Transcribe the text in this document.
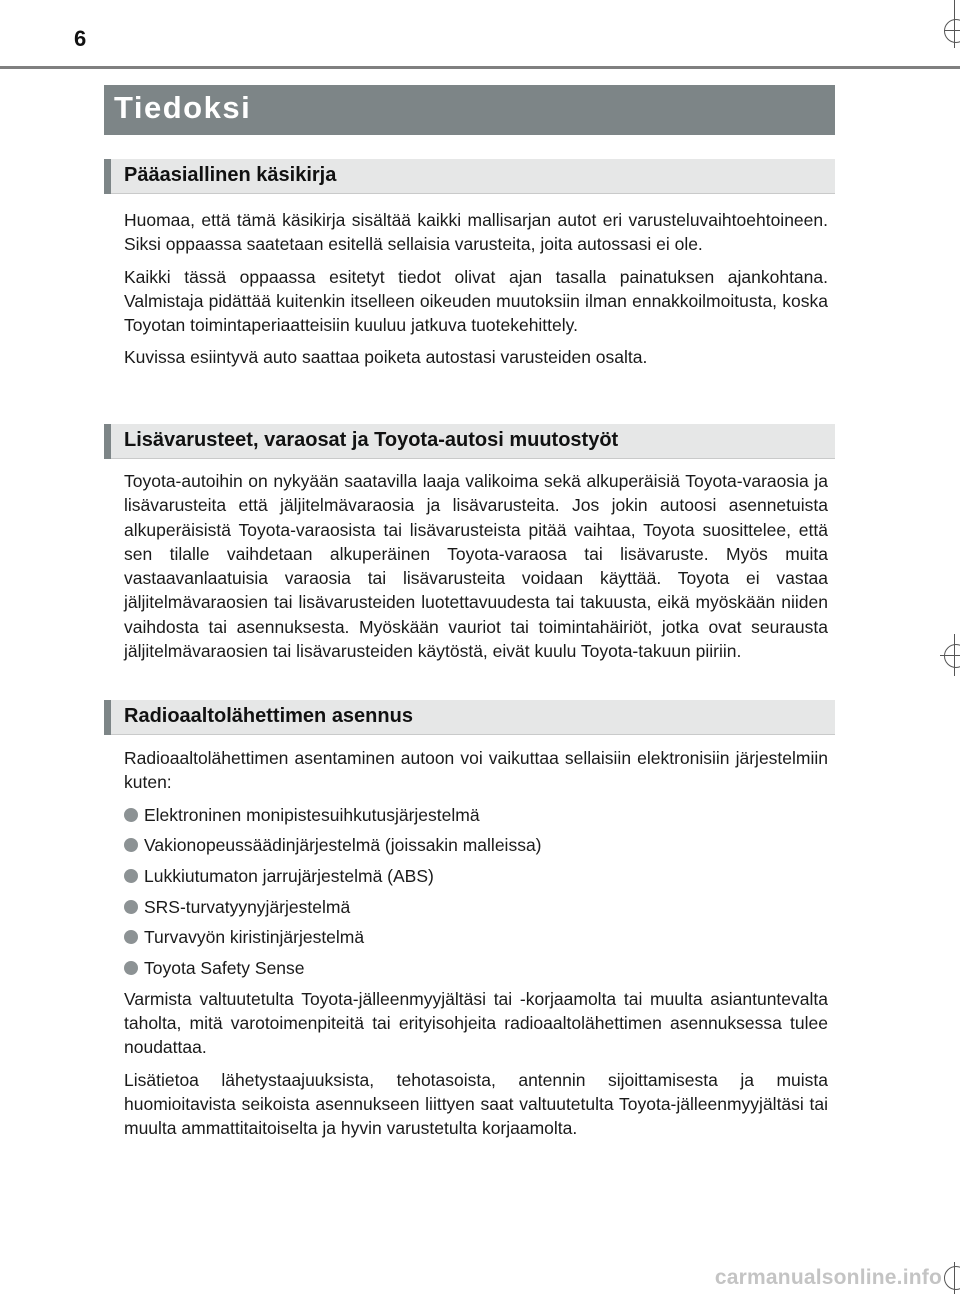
6
Tiedoksi
Pääasiallinen käsikirja

Huomaa, että tämä käsikirja sisältää kaikki mallisarjan autot eri varusteluvaihtoehtoineen. Siksi oppaassa saatetaan esitellä sellaisia varusteita, joita autossasi ei ole.

Kaikki tässä oppaassa esitetyt tiedot olivat ajan tasalla painatuksen ajankohtana. Valmistaja pidättää kuitenkin itselleen oikeuden muutoksiin ilman ennakkoilmoitusta, koska Toyotan toimintaperiaatteisiin kuuluu jatkuva tuotekehittely.

Kuvissa esiintyvä auto saattaa poiketa autostasi varusteiden osalta.

Lisävarusteet, varaosat ja Toyota-autosi muutostyöt

Toyota-autoihin on nykyään saatavilla laaja valikoima sekä alkuperäisiä Toyota-varaosia ja lisävarusteita että jäljitelmävaraosia ja lisävarusteita. Jos jokin autoosi asennetuista alkuperäisistä Toyota-varaosista tai lisävarusteista pitää vaihtaa, Toyota suosittelee, että sen tilalle vaihdetaan alkuperäinen Toyota-varaosa tai lisävaruste. Myös muita vastaavanlaatuisia varaosia tai lisävarusteita voidaan käyttää. Toyota ei vastaa jäljitelmävaraosien tai lisävarusteiden luotettavuudesta tai takuusta, eikä myöskään niiden vaihdosta tai asennuksesta. Myöskään vauriot tai toimintahäiriöt, jotka ovat seurausta jäljitelmävaraosien tai lisävarusteiden käytöstä, eivät kuulu Toyota-takuun piiriin.

Radioaaltolähettimen asennus

Radioaaltolähettimen asentaminen autoon voi vaikuttaa sellaisiin elektronisiin järjestelmiin kuten:

Elektroninen monipistesuihkutusjärjestelmä
Vakionopeussäädinjärjestelmä (joissakin malleissa)
Lukkiutumaton jarrujärjestelmä (ABS)
SRS-turvatyynyjärjestelmä
Turvavyön kiristinjärjestelmä
Toyota Safety Sense

Varmista valtuutetulta Toyota-jälleenmyyjältäsi tai -korjaamolta tai muulta asiantuntevalta taholta, mitä varotoimenpiteitä tai erityisohjeita radioaaltolähettimen asennuksessa tulee noudattaa.

Lisätietoa lähetystaajuuksista, tehotasoista, antennin sijoittamisesta ja muista huomioitavista seikoista asennukseen liittyen saat valtuutetulta Toyota-jälleenmyyjältäsi tai muulta ammattitaitoiselta ja hyvin varustetulta korjaamolta.

carmanualsonline.info
